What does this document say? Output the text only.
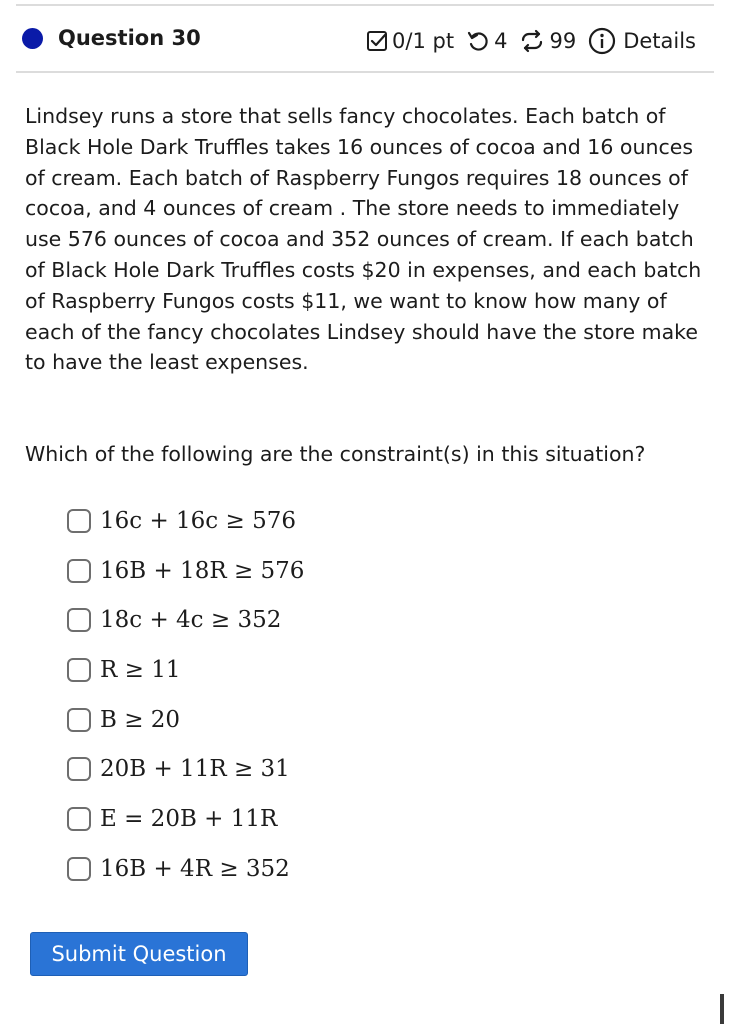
Question 30	0/1 pt 4 99 Details

Lindsey runs a store that sells fancy chocolates. Each batch of Black Hole Dark Truffles takes 16 ounces of cocoa and 16 ounces of cream. Each batch of Raspberry Fungos requires 18 ounces of cocoa, and 4 ounces of cream . The store needs to immediately use 576 ounces of cocoa and 352 ounces of cream. If each batch of Black Hole Dark Truffles costs $20 in expenses, and each batch of Raspberry Fungos costs $11, we want to know how many of each of the fancy chocolates Lindsey should have the store make to have the least expenses.

Which of the following are the constraint(s) in this situation?

16c + 16c ≥ 576
16B + 18R ≥ 576
18c + 4c ≥ 352
R ≥ 11
B ≥ 20
20B + 11R ≥ 31
E = 20B + 11R
16B + 4R ≥ 352
Submit Question
